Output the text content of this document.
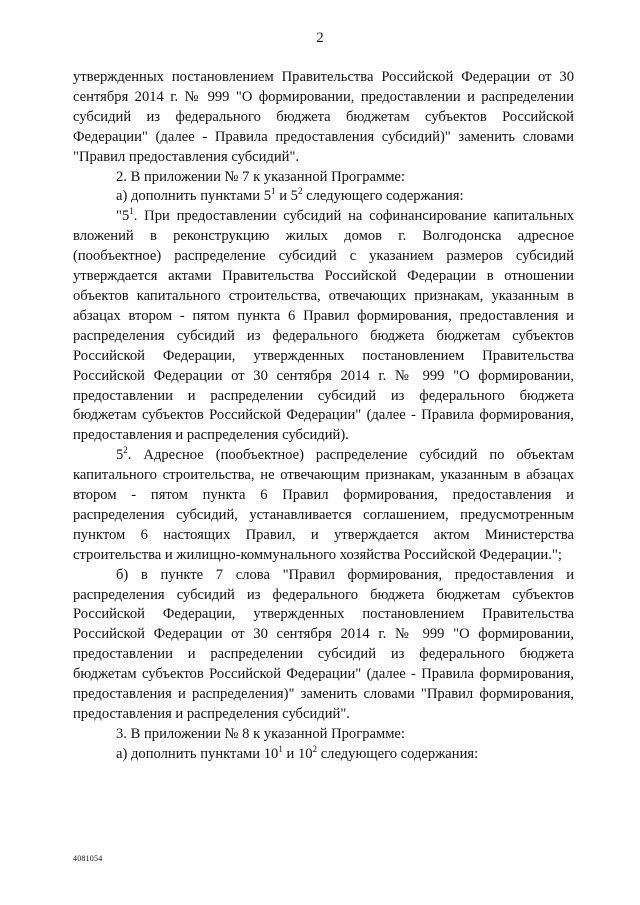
2

утвержденных постановлением Правительства Российской Федерации от 30 сентября 2014 г. № 999 "О формировании, предоставлении и распределении субсидий из федерального бюджета бюджетам субъектов Российской Федерации" (далее - Правила предоставления субсидий)" заменить словами "Правил предоставления субсидий".

2. В приложении № 7 к указанной Программе:

а) дополнить пунктами $5^1$ и $5^2$ следующего содержания:

"$5^1$. При предоставлении субсидий на софинансирование капитальных вложений в реконструкцию жилых домов г. Волгодонска адресное (пообъектное) распределение субсидий с указанием размеров субсидий утверждается актами Правительства Российской Федерации в отношении объектов капитального строительства, отвечающих признакам, указанным в абзацах втором - пятом пункта 6 Правил формирования, предоставления и распределения субсидий из федерального бюджета бюджетам субъектов Российской Федерации, утвержденных постановлением Правительства Российской Федерации от 30 сентября 2014 г. № 999 "О формировании, предоставлении и распределении субсидий из федерального бюджета бюджетам субъектов Российской Федерации" (далее - Правила формирования, предоставления и распределения субсидий).

$5^2$. Адресное (пообъектное) распределение субсидий по объектам капитального строительства, не отвечающим признакам, указанным в абзацах втором - пятом пункта 6 Правил формирования, предоставления и распределения субсидий, устанавливается соглашением, предусмотренным пунктом 6 настоящих Правил, и утверждается актом Министерства строительства и жилищно-коммунального хозяйства Российской Федерации.";

б) в пункте 7 слова "Правил формирования, предоставления и распределения субсидий из федерального бюджета бюджетам субъектов Российской Федерации, утвержденных постановлением Правительства Российской Федерации от 30 сентября 2014 г. № 999 "О формировании, предоставлении и распределении субсидий из федерального бюджета бюджетам субъектов Российской Федерации" (далее - Правила формирования, предоставления и распределения)" заменить словами "Правил формирования, предоставления и распределения субсидий".

3. В приложении № 8 к указанной Программе:

а) дополнить пунктами $10^1$ и $10^2$ следующего содержания:

4081054
